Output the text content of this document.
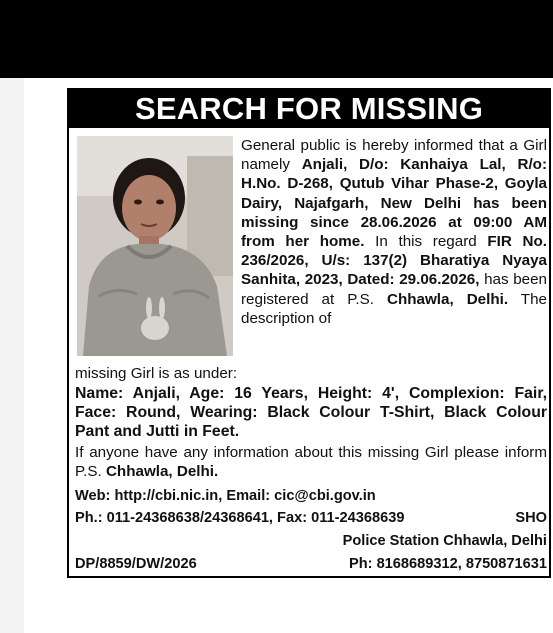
SEARCH FOR MISSING
General public is hereby informed that a Girl namely Anjali, D/o: Kanhaiya Lal, R/o: H.No. D-268, Qutub Vihar Phase-2, Goyla Dairy, Najafgarh, New Delhi has been missing since 28.06.2026 at 09:00 AM from her home. In this regard FIR No. 236/2026, U/s: 137(2) Bharatiya Nyaya Sanhita, 2023, Dated: 29.06.2026, has been registered at P.S. Chhawla, Delhi. The description of
missing Girl is as under:
Name: Anjali, Age: 16 Years, Height: 4', Complexion: Fair, Face: Round, Wearing: Black Colour T-Shirt, Black Colour Pant and Jutti in Feet.
If anyone have any information about this missing Girl please inform P.S. Chhawla, Delhi.
Web: http://cbi.nic.in, Email: cic@cbi.gov.in
Ph.: 011-24368638/24368641, Fax: 011-24368639	SHO
Police Station Chhawla, Delhi
DP/8859/DW/2026	Ph: 8168689312, 8750871631
